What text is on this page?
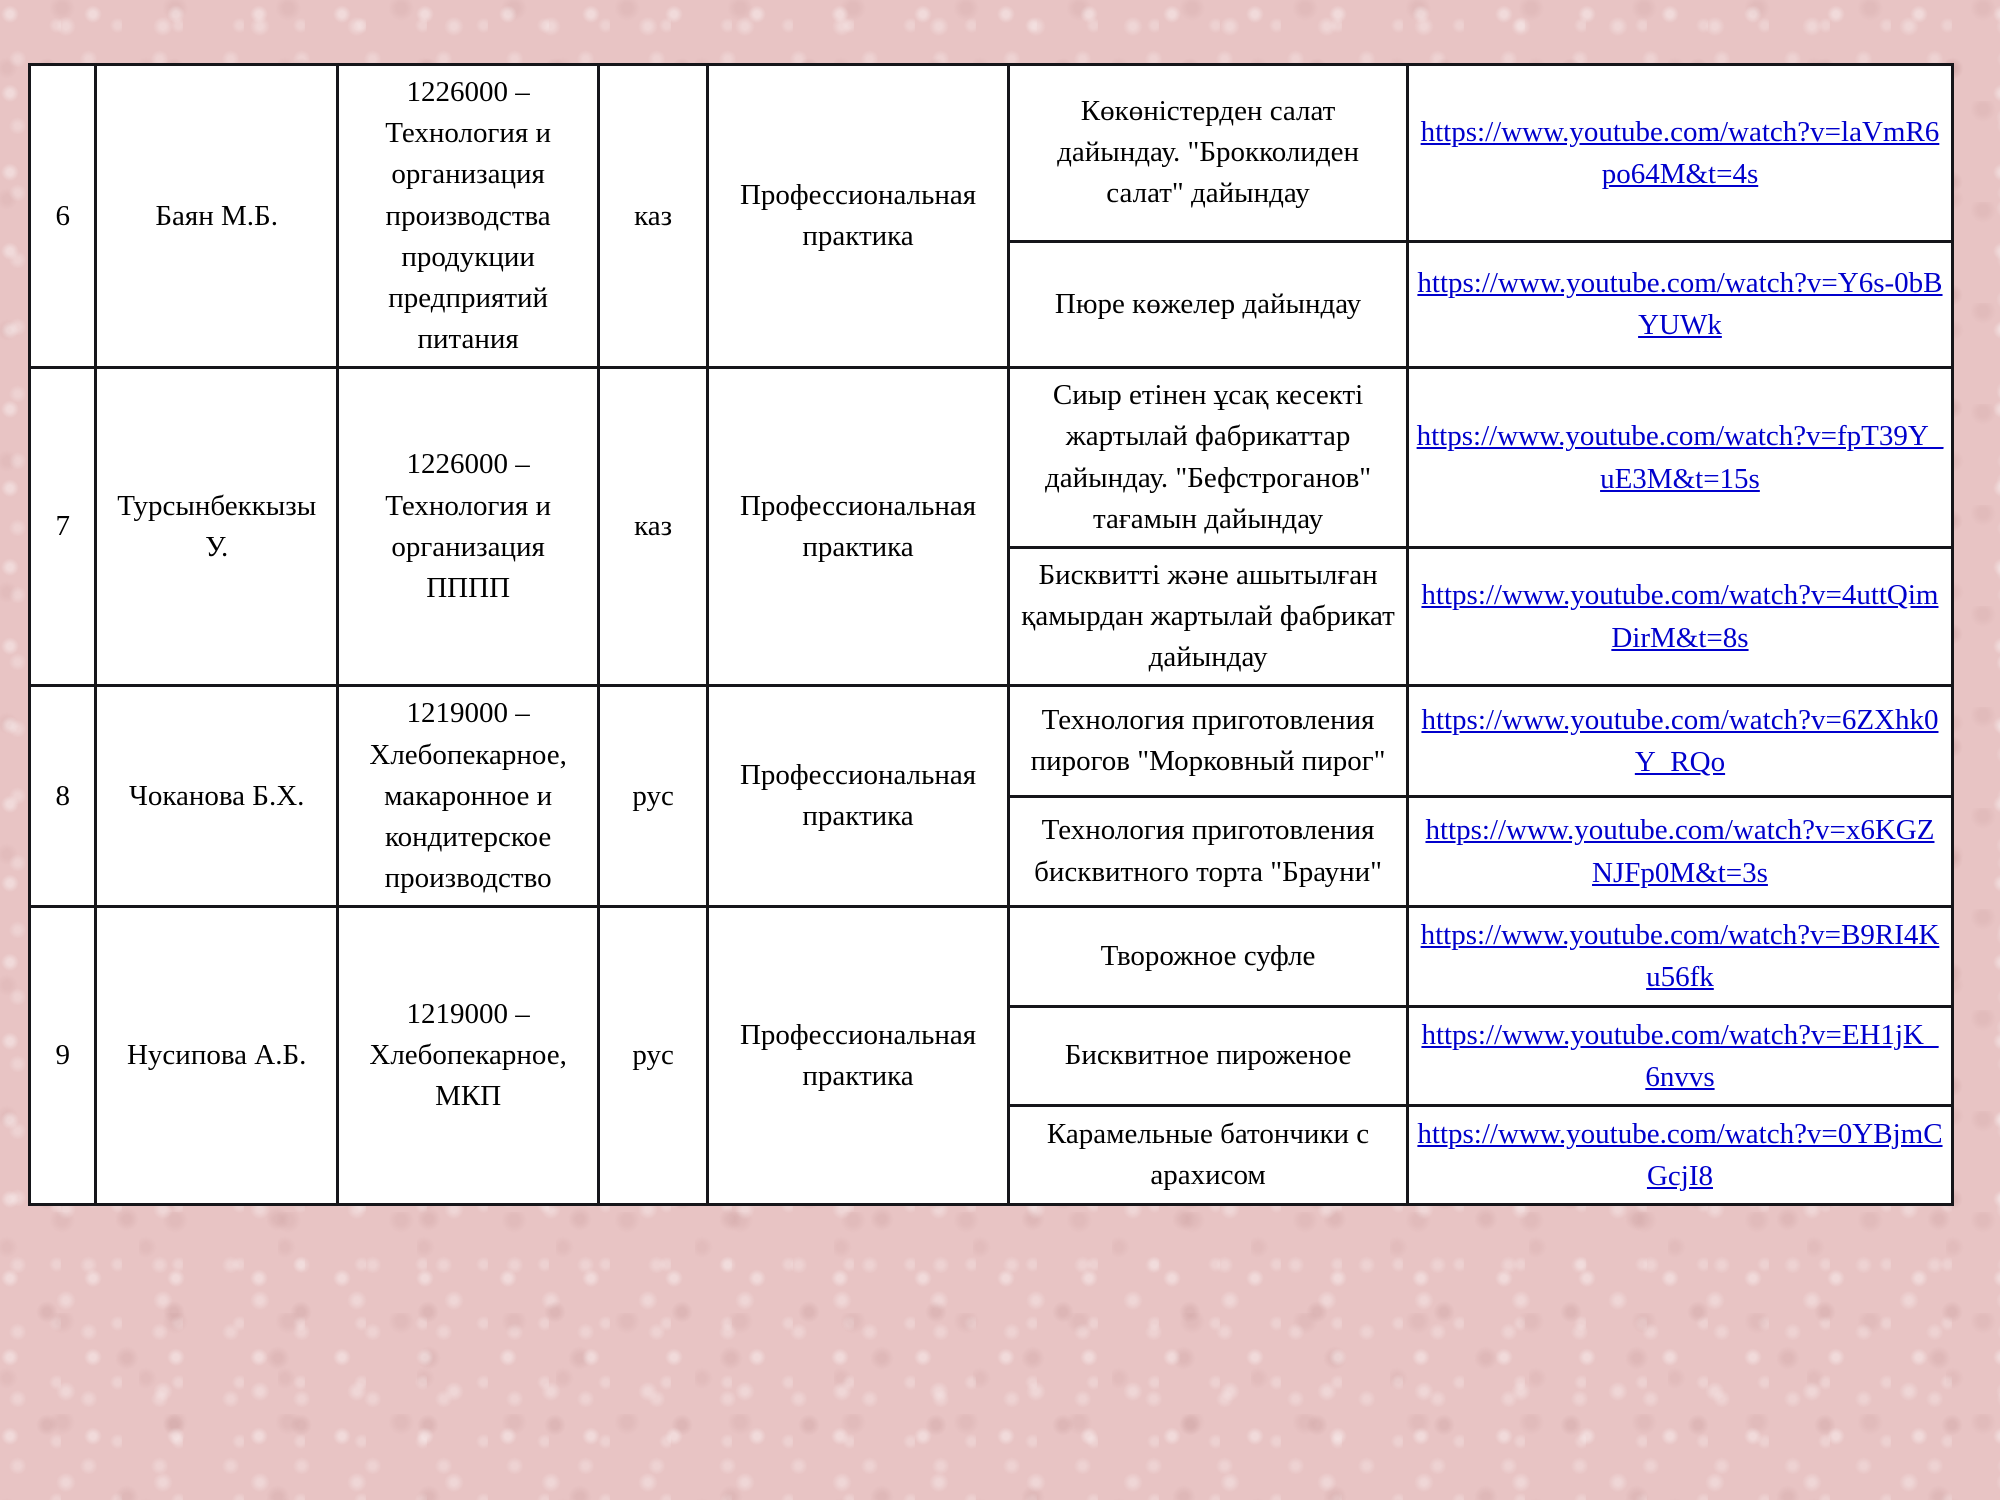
6	Баян М.Б.	1226000 – Технология и организация производства продукции предприятий питания	каз	Профессиональная практика	Көкөністерден салат дайындау. "Брокколиден салат" дайындау	https://www.youtube.com/watch?v=laVmR6po64M&t=4s
					Пюре көжелер дайындау	https://www.youtube.com/watch?v=Y6s-0bBYUWk
7	Турсынбеккызы У.	1226000 – Технология и организация ПППП	каз	Профессиональная практика	Сиыр етінен ұсақ кесекті жартылай фабрикаттар дайындау. "Бефстроганов" тағамын дайындау	https://www.youtube.com/watch?v=fpT39Y_uE3M&t=15s
					Бисквитті және ашытылған қамырдан жартылай фабрикат дайындау	https://www.youtube.com/watch?v=4uttQimDirM&t=8s
8	Чоканова Б.Х.	1219000 – Хлебопекарное, макаронное и кондитерское производство	рус	Профессиональная практика	Технология приготовления пирогов "Морковный пирог"	https://www.youtube.com/watch?v=6ZXhk0Y_RQo
					Технология приготовления бисквитного торта "Брауни"	https://www.youtube.com/watch?v=x6KGZNJFp0M&t=3s
9	Нусипова А.Б.	1219000 – Хлебопекарное, МКП	рус	Профессиональная практика	Творожное суфле	https://www.youtube.com/watch?v=B9RI4Ku56fk
					Бисквитное пироженое	https://www.youtube.com/watch?v=EH1jK_6nvvs
					Карамельные батончики с арахисом	https://www.youtube.com/watch?v=0YBjmCGcjI8
